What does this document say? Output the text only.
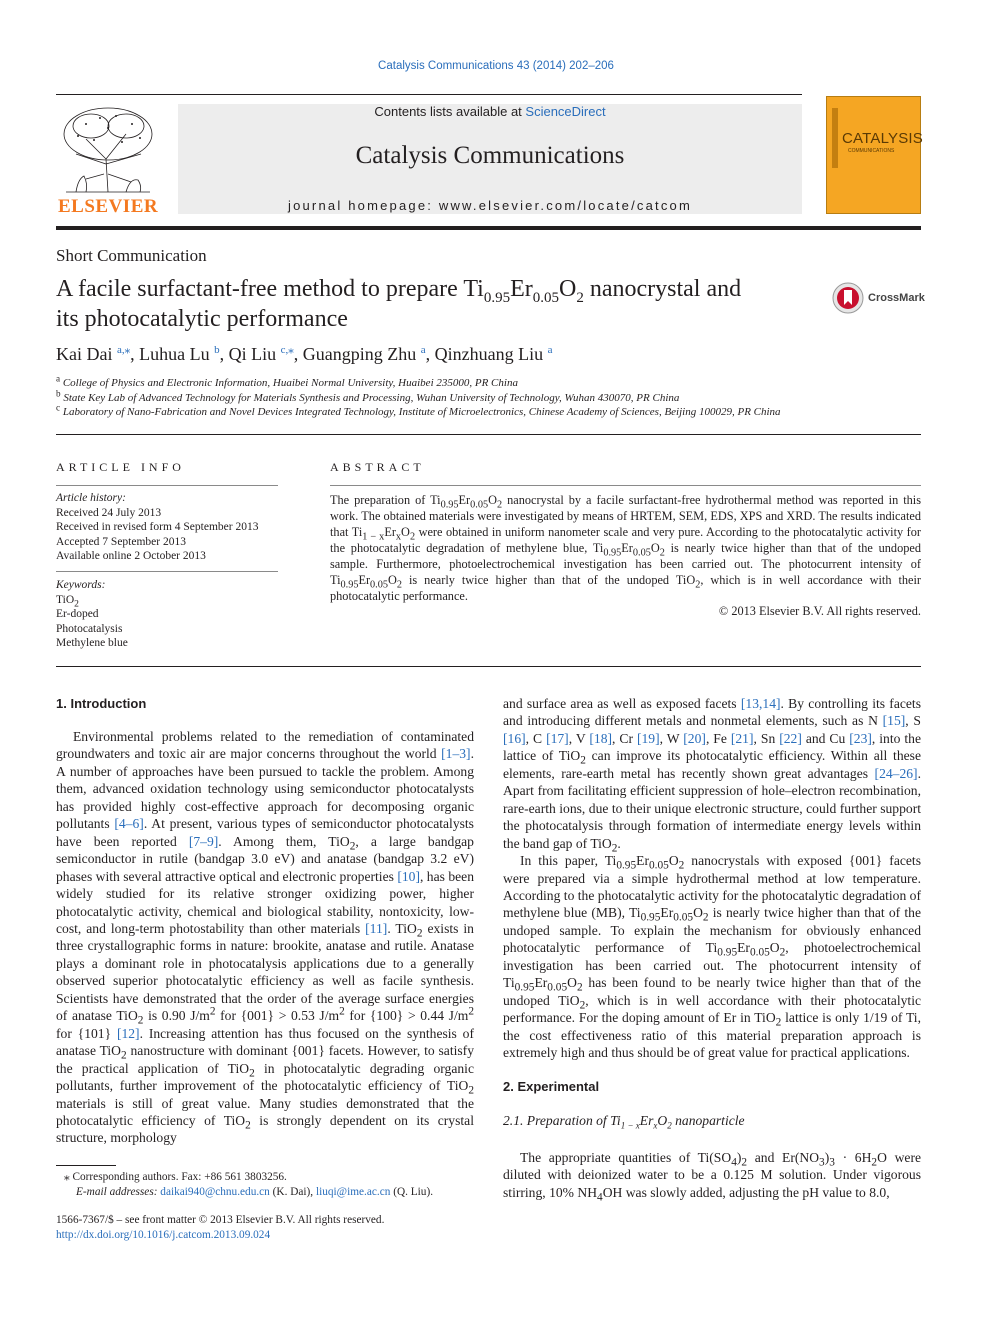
Catalysis Communications 43 (2014) 202–206
ELSEVIER
Contents lists available at ScienceDirect
Catalysis Communications
journal homepage: www.elsevier.com/locate/catcom
CATALYSIS
COMMUNICATIONS
Short Communication
A facile surfactant-free method to prepare $Ti_{0.95}Er_{0.05}O_2$ nanocrystal and
its photocatalytic performance
CrossMark
Kai Dai $^{a,⁎}$, Luhua Lu $^b$, Qi Liu $^{c,⁎}$, Guangping Zhu $^a$, Qinzhuang Liu $^a$
$^a$ College of Physics and Electronic Information, Huaibei Normal University, Huaibei 235000, PR China
$^b$ State Key Lab of Advanced Technology for Materials Synthesis and Processing, Wuhan University of Technology, Wuhan 430070, PR China
$^c$ Laboratory of Nano-Fabrication and Novel Devices Integrated Technology, Institute of Microelectronics, Chinese Academy of Sciences, Beijing 100029, PR China
ARTICLE INFO	ABSTRACT
Article history:
Received 24 July 2013
Received in revised form 4 September 2013
Accepted 7 September 2013
Available online 2 October 2013
Keywords:
TiO$_2$
Er-doped
Photocatalysis
Methylene blue
The preparation of $Ti_{0.95}Er_{0.05}O_2$ nanocrystal by a facile surfactant-free hydrothermal method was reported in this work. The obtained materials were investigated by means of HRTEM, SEM, EDS, XPS and XRD. The results indicated that $Ti_{1 - x}Er_xO_2$ were obtained in uniform nanometer scale and very pure. According to the photocatalytic activity for the photocatalytic degradation of methylene blue, $Ti_{0.95}Er_{0.05}O_2$ is nearly twice higher than that of the undoped sample. Furthermore, photoelectrochemical investigation has been carried out. The photocurrent intensity of $Ti_{0.95}Er_{0.05}O_2$ is nearly twice higher than that of the undoped TiO$_2$, which is in well accordance with their photocatalytic performance.
© 2013 Elsevier B.V. All rights reserved.
1. Introduction

Environmental problems related to the remediation of contaminated groundwaters and toxic air are major concerns throughout the world [1–3]. A number of approaches have been pursued to tackle the problem. Among them, advanced oxidation technology using semiconductor photocatalysts has provided highly cost-effective approach for decomposing organic pollutants [4–6]. At present, various types of semiconductor photocatalysts have been reported [7–9]. Among them, TiO$_2$, a large bandgap semiconductor in rutile (bandgap 3.0 eV) and anatase (bandgap 3.2 eV) phases with several attractive optical and electronic properties [10], has been widely studied for its relative stronger oxidizing power, higher photocatalytic activity, chemical and biological stability, nontoxicity, low-cost, and long-term photostability than other materials [11]. TiO$_2$ exists in three crystallographic forms in nature: brookite, anatase and rutile. Anatase plays a dominant role in photocatalysis applications due to a generally observed superior photocatalytic efficiency as well as facile synthesis. Scientists have demonstrated that the order of the average surface energies of anatase TiO$_2$ is 0.90 $J/m^2$ for {001} > 0.53 $J/m^2$ for {100} > 0.44 $J/m^2$ for {101} [12]. Increasing attention has thus focused on the synthesis of anatase TiO$_2$ nanostructure with dominant {001} facets. However, to satisfy the practical application of TiO$_2$ in photocatalytic degrading organic pollutants, further improvement of the photocatalytic efficiency of TiO$_2$ materials is still of great value. Many studies demonstrated that the photocatalytic efficiency of TiO$_2$ is strongly dependent on its crystal structure, morphology

and surface area as well as exposed facets [13,14]. By controlling its facets and introducing different metals and nonmetal elements, such as N [15], S [16], C [17], V [18], Cr [19], W [20], Fe [21], Sn [22] and Cu [23], into the lattice of TiO$_2$ can improve its photocatalytic efficiency. Within all these elements, rare-earth metal has recently shown great advantages [24–26]. Apart from facilitating efficient suppression of hole–electron recombination, rare-earth ions, due to their unique electronic structure, could further support the photocatalysis through formation of intermediate energy levels within the band gap of TiO$_2$.

In this paper, $Ti_{0.95}Er_{0.05}O_2$ nanocrystals with exposed {001} facets were prepared via a simple hydrothermal method at low temperature. According to the photocatalytic activity for the photocatalytic degradation of methylene blue (MB), $Ti_{0.95}Er_{0.05}O_2$ is nearly twice higher than that of the undoped sample. To explain the mechanism for obviously enhanced photocatalytic performance of $Ti_{0.95}Er_{0.05}O_2$, photoelectrochemical investigation has been carried out. The photocurrent intensity of $Ti_{0.95}Er_{0.05}O_2$ has been found to be nearly twice higher than that of the undoped TiO$_2$, which is in well accordance with their photocatalytic performance. For the doping amount of Er in TiO$_2$ lattice is only 1/19 of Ti, the cost effectiveness ratio of this material preparation approach is extremely high and thus should be of great value for practical applications.

2. Experimental
2.1. Preparation of $Ti_{1 - x}Er_xO_2$ nanoparticle

The appropriate quantities of $Ti(SO_4)_2$ and $Er(NO_3)_3 \cdot 6H_2O$ were diluted with deionized water to be a 0.125 M solution. Under vigorous stirring, 10% $NH_4OH$ was slowly added, adjusting the pH value to 8.0,

⁎ Corresponding authors. Fax: +86 561 3803256.
E-mail addresses: daikai940@chnu.edu.cn (K. Dai), liuqi@ime.ac.cn (Q. Liu).
1566-7367/$ – see front matter © 2013 Elsevier B.V. All rights reserved.
http://dx.doi.org/10.1016/j.catcom.2013.09.024
